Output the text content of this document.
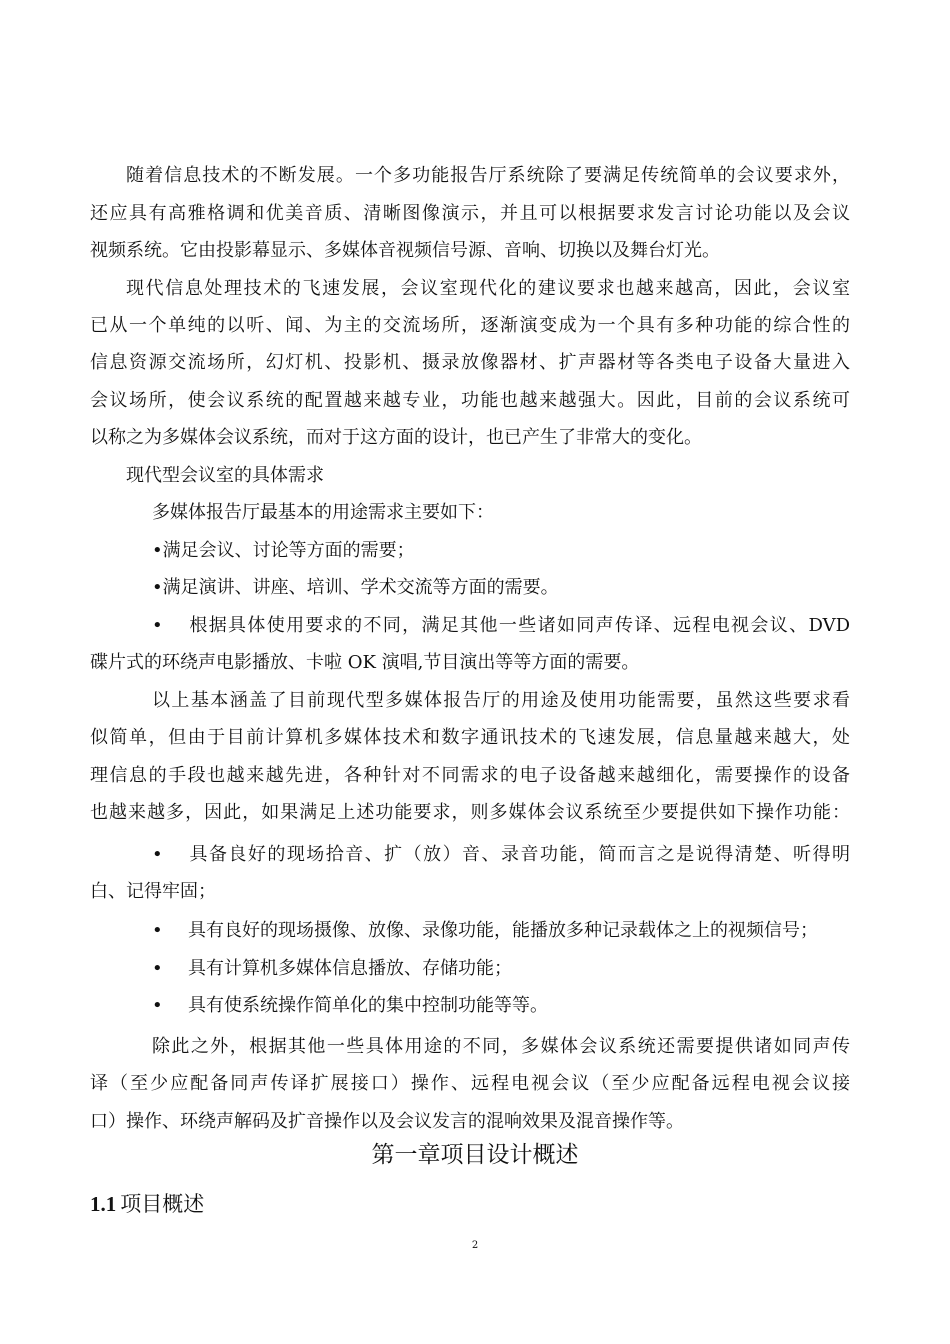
随着信息技术的不断发展。一个多功能报告厅系统除了要满足传统简单的会议要求外，
还应具有高雅格调和优美音质、清晰图像演示，并且可以根据要求发言讨论功能以及会议
视频系统。它由投影幕显示、多媒体音视频信号源、音响、切换以及舞台灯光。
现代信息处理技术的飞速发展，会议室现代化的建议要求也越来越高，因此，会议室
已从一个单纯的以听、闻、为主的交流场所，逐渐演变成为一个具有多种功能的综合性的
信息资源交流场所，幻灯机、投影机、摄录放像器材、扩声器材等各类电子设备大量进入
会议场所，使会议系统的配置越来越专业，功能也越来越强大。因此，目前的会议系统可
以称之为多媒体会议系统，而对于这方面的设计，也已产生了非常大的变化。
现代型会议室的具体需求
多媒体报告厅最基本的用途需求主要如下：
•满足会议、讨论等方面的需要；
•满足演讲、讲座、培训、学术交流等方面的需要。
• 根据具体使用要求的不同，满足其他一些诸如同声传译、远程电视会议、DVD
碟片式的环绕声电影播放、卡啦 OK 演唱,节目演出等等方面的需要。
以上基本涵盖了目前现代型多媒体报告厅的用途及使用功能需要，虽然这些要求看
似简单，但由于目前计算机多媒体技术和数字通讯技术的飞速发展，信息量越来越大，处
理信息的手段也越来越先进，各种针对不同需求的电子设备越来越细化，需要操作的设备
也越来越多，因此，如果满足上述功能要求，则多媒体会议系统至少要提供如下操作功能：
• 具备良好的现场拾音、扩（放）音、录音功能，简而言之是说得清楚、听得明
白、记得牢固；
• 具有良好的现场摄像、放像、录像功能，能播放多种记录载体之上的视频信号；
• 具有计算机多媒体信息播放、存储功能；
• 具有使系统操作简单化的集中控制功能等等。
除此之外，根据其他一些具体用途的不同，多媒体会议系统还需要提供诸如同声传
译（至少应配备同声传译扩展接口）操作、远程电视会议（至少应配备远程电视会议接
口）操作、环绕声解码及扩音操作以及会议发言的混响效果及混音操作等。
第一章项目设计概述
1.1 项目概述
2
